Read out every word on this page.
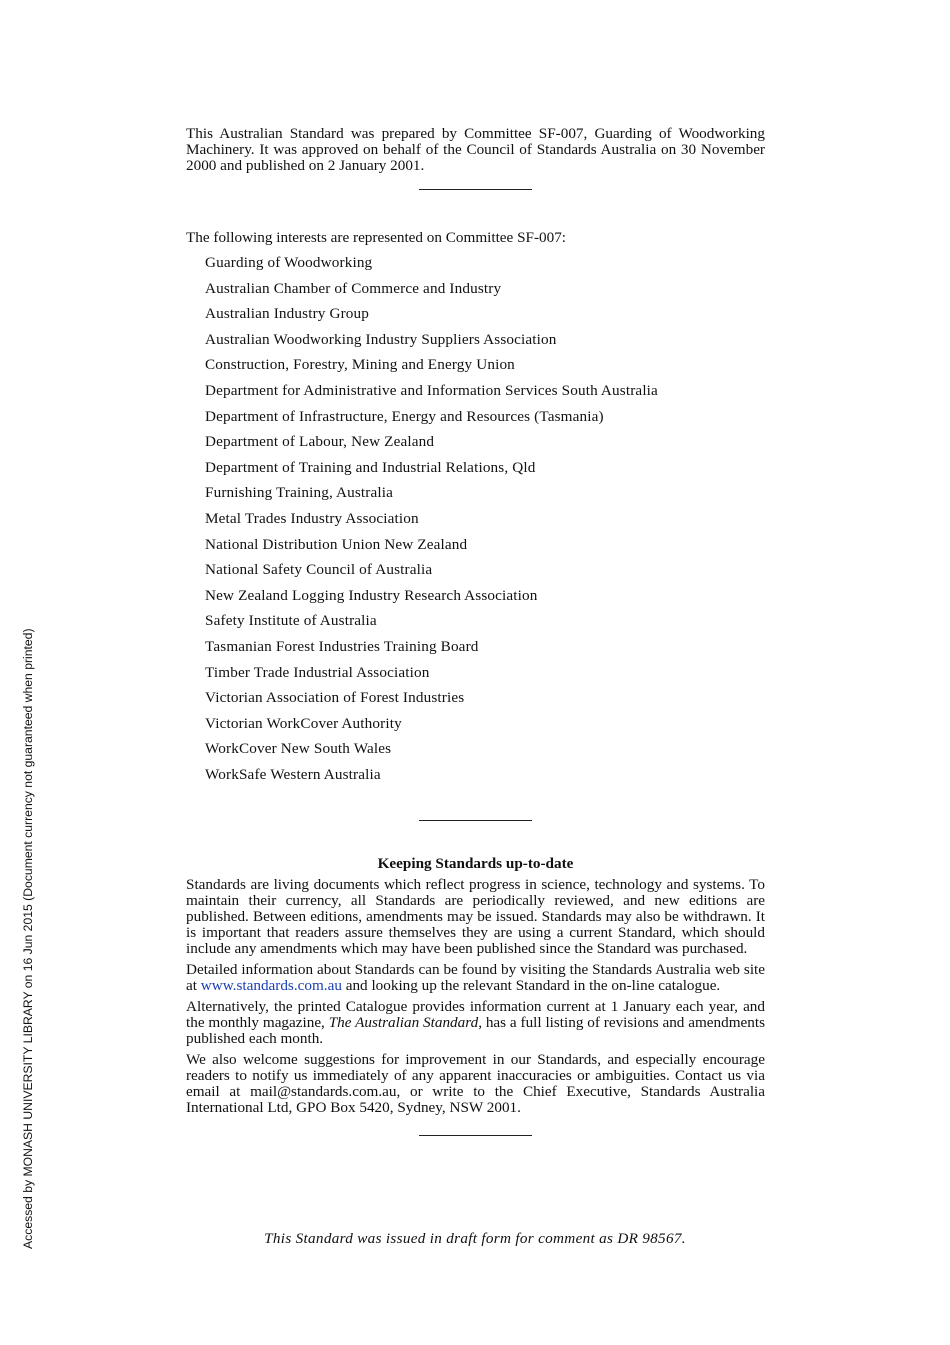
This Australian Standard was prepared by Committee SF-007, Guarding of Woodworking Machinery. It was approved on behalf of the Council of Standards Australia on 30 November 2000 and published on 2 January 2001.

The following interests are represented on Committee SF-007:
Guarding of Woodworking
Australian Chamber of Commerce and Industry
Australian Industry Group
Australian Woodworking Industry Suppliers Association
Construction, Forestry, Mining and Energy Union
Department for Administrative and Information Services South Australia
Department of Infrastructure, Energy and Resources (Tasmania)
Department of Labour, New Zealand
Department of Training and Industrial Relations, Qld
Furnishing Training, Australia
Metal Trades Industry Association
National Distribution Union New Zealand
National Safety Council of Australia
New Zealand Logging Industry Research Association
Safety Institute of Australia
Tasmanian Forest Industries Training Board
Timber Trade Industrial Association
Victorian Association of Forest Industries
Victorian WorkCover Authority
WorkCover New South Wales
WorkSafe Western Australia
Keeping Standards up-to-date

Standards are living documents which reflect progress in science, technology and systems. To maintain their currency, all Standards are periodically reviewed, and new editions are published. Between editions, amendments may be issued. Standards may also be withdrawn. It is important that readers assure themselves they are using a current Standard, which should include any amendments which may have been published since the Standard was purchased.

Detailed information about Standards can be found by visiting the Standards Australia web site at www.standards.com.au and looking up the relevant Standard in the on-line catalogue.

Alternatively, the printed Catalogue provides information current at 1 January each year, and the monthly magazine, The Australian Standard, has a full listing of revisions and amendments published each month.

We also welcome suggestions for improvement in our Standards, and especially encourage readers to notify us immediately of any apparent inaccuracies or ambiguities. Contact us via email at mail@standards.com.au, or write to the Chief Executive, Standards Australia International Ltd, GPO Box 5420, Sydney, NSW 2001.

This Standard was issued in draft form for comment as DR 98567.
Accessed by MONASH UNIVERSITY LIBRARY on 16 Jun 2015 (Document currency not guaranteed when printed)
